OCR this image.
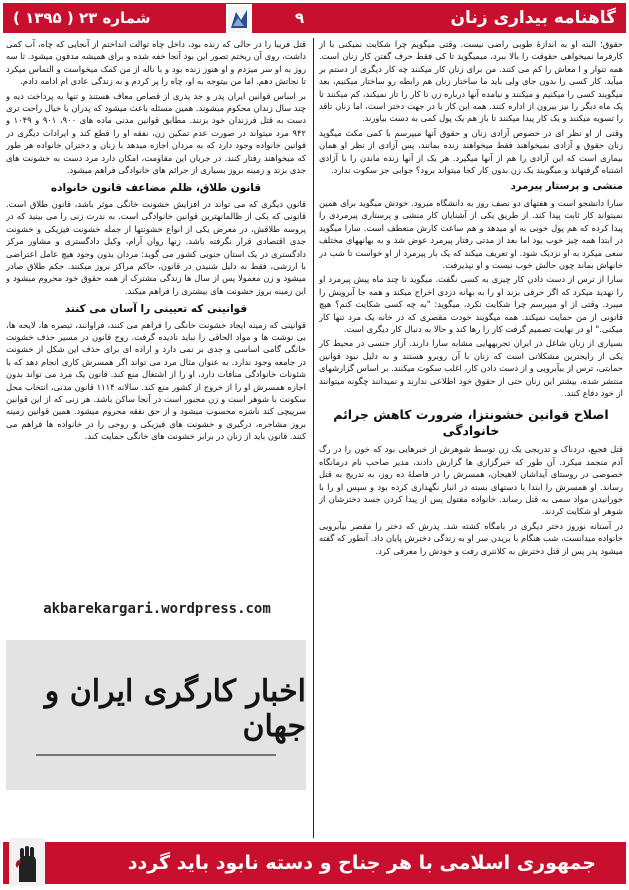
گاهنامه بیداری زنان
۹
شماره ۲۳ ( ۱۳۹۵ )

حقوق؛ البته او به اندازۀ طوبی راضی نیست. وقتی میگویم چرا شکایت نمیکنی با از کارفرما نمیخواهی حقوقت را بالا ببرد، میمیگوید تا کی فقط حرف گفتن کار زنان است. همه تنوار و ا معاش را کم می کنند. من برای زنان کار میکنند چه کار دیگری از دستم بر میآید. کار کسی را بدون جای ولی باید ما ساختار زنان هم رابطه رو ساختار میکنیم، بعد میگویند کسی را میکنیم و میکنند و نیامده آنها درباره زن تا کار را تاز نمیکند، کم میکنند تا یک ماه دیگر را نیز بیرون از اداره کنند. همه این کار با در جهت دختر است، اما زنان تاقد را تسویه میکنند و یک کار پیدا میکنند تا باز هم یک پول کمی به دست بیاورند.

وقتی از او نظر ای در خصوص آزادی زنان و حقوق آنها میپرسم با کمی مکث میگوید زنان حقوق و آزادی نمیخواهند فقط میخواهند زنده بمانند، پس آزادی از نظر او همان بیماری است که این آزادی را هم از آنها میگیرد. هر یک از آنها زنده ماندن را با آزادی اشتباه گرفتهاند و میگویند یک زن بدون کار کجا میتواند برود؟ جوابی جز سکوت ندارد.

منشی و پرستار پیرمرد

سارا دانشجو است و هفتهای دو نصف روز به دانشگاه میرود. خودش میگوید برای همین نمیتواند کار ثابت پیدا کند. از طریق یکی از آشنایان کار منشی و پرستاری پیرمردی را پیدا کرده که هم پول خوبی به او میدهد و هم ساعت کارش منعطف است. سارا میگوید در ابتدا همه چیز خوب بود اما بعد از مدتی رفتار پیرمرد عوض شد و به بهانههای مختلف سعی میکرد به او نزدیک شود. او تعریف میکند که یک بار پیرمرد از او خواست تا شب در خانهاش بماند چون حالش خوب نیست و او نپذیرفت.

سارا از ترس از دست دادن کار چیزی به کسی نگفت. میگوید تا چند ماه پیش پیرمرد او را تهدید میکرد که اگر حرفی بزند او را به بهانه دزدی اخراج میکند و همه جا آبرویش را میبرد. وقتی از او میپرسم چرا شکایت نکرد، میگوید: "به چه کسی شکایت کنم؟ هیچ قانونی از من حمایت نمیکند. همه میگویند خودت مقصری که در خانه یک مرد تنها کار میکنی." او در نهایت تصمیم گرفت کار را رها کند و حالا به دنبال کار دیگری است.

بسیاری از زنان شاغل در ایران تجربههایی مشابه سارا دارند. آزار جنسی در محیط کار یکی از رایجترین مشکلاتی است که زنان با آن روبرو هستند و به دلیل نبود قوانین حمایتی، ترس از بیآبرویی و از دست دادن کار، اغلب سکوت میکنند. بر اساس گزارشهای منتشر شده، بیشتر این زنان حتی از حقوق خود اطلاعی ندارند و نمیدانند چگونه میتوانند از خود دفاع کنند.

اصلاح قوانین خشونتزا، ضرورت کاهش جرائم خانوادگی

قتل فجیع، دردناک و تدریجی یک زن توسط شوهرش از خبرهایی بود که خون را در رگ آدم منجمد میکرد. آن طور که خبرگزاری ها گزارش دادند، مدیر صاحب نام درمانگاه خصوصی در روستای آیداشان لاهیجان، همسرش را در فاصلهٔ ده روز، به تدریج به قتل رساند. او همسرش را ابتدا با دستهای بسته در انبار نگهداری کرده بود و سپس او را با خورانیدن مواد سمی به قتل رساند. خانواده مقتول پس از پیدا کردن جسد دخترشان از شوهر او شکایت کردند.

در آستانه نوروز دختر دیگری در بامگاه کشته شد. پدرش که دختر را مقصر بیآبرویی خانواده میدانست، شب هنگام با بریدن سر او به زندگی دخترش پایان داد. آنطور که گفته میشود پدر پس از قتل دخترش به کلانتری رفت و خودش را معرفی کرد.

قتل فریبا را در حالی که زنده بود، داخل چاه توالت انداختم از آنجایی که چاه، آب کمی داشت، روی آن ریختم تصور این بود آنجا خفه شده و برای همیشه مدفون میشود. تا سه روز به او سر میزدم و او هنوز زنده بود و با ناله از من کمک میخواست و التماس میکرد تا نجاتش دهم. اما من بیتوجه به او، چاه را پر کردم و به زندگی عادی ام ادامه دادم.

بر اساس قوانین ایران پدر و جد پدری از قصاص معاف هستند و تنها به پرداخت دیه و چند سال زندان محکوم میشوند. همین مسئله باعث میشود که پدران با خیال راحت تری دست به قتل فرزندان خود بزنند. مطابق قوانین مدنی ماده های ۹۰۰، ۹۰۱ و ۱۰۴۹ و ۹۴۲ مرد میتواند در صورت عدم تمکین زن، نفقه او را قطع کند و ایرادات دیگری در قوانین خانواده وجود دارد که به مردان اجازه میدهد با زنان و دختران خانواده هر طور که میخواهند رفتار کنند. در جریان این مقاومت، امکان دارد مرد دست به خشونت های جدی بزند و زمینه بروز بسیاری از جرائم های خانوادگی فراهم میشود.

قانون طلاق، ظلم مضاعف قانون خانواده

قانون دیگری که می تواند در افزایش خشونت خانگی موثر باشد، قانون طلاق است. قانونی که یکی از ظالمانهترین قوانین خانوادگی است. به ندرت زنی را می بینید که در پروسه طلاقش، در معرض یکی از انواع خشونتها از جمله خشونت فیزیکی و خشونت جدی اقتصادی قرار نگرفته باشد. زنها روان آرام، وکیل دادگستری و مشاور مرکز دادگستری در یک استان جنوبی کشور می گوید: مردان بدون وجود هیچ عامل اعتراضی با ارزشی، فقط به دلیل شنیدن در قانون، حاکم مراکز بروز میکنند. حکم طلاق صادر میشود و زن معمولا پس از سال ها زندگی مشترک از همه حقوق خود محروم میشود و این زمینه بروز خشونت های بیشتری را فراهم میکند.

قوانینی که تعیینی را آسان می کنند

قوانینی که زمینه ایجاد خشونت خانگی را فراهم می کنند، فراوانند، تبصره ها، لایحه ها، بی نوشت ها و مواد الحاقی را نباید نادیده گرفت. روح قانون در مسیر حذف خشونت خانگی گامی اساسی و جدی بر نمی دارد و اراده ای برای حذف این شکل از خشونت در جامعه وجود ندارد. به عنوان مثال مرد می تواند اگر همسرش کاری انجام دهد که با شئونات خانوادگی منافات دارد، او را از اشتغال منع کند. قانون یک مرد می تواند بدون اجازه همسرش او را از خروج از کشور منع کند. سالانه ۱۱۱۴ قانون مدنی، انتخاب محل سکونت با شوهر است و زن مجبور است در آنجا ساکن باشد. هر زنی که از این قوانین سرپیچی کند ناشزه محسوب میشود و از حق نفقه محروم میشود. همین قوانین زمینه بروز مشاجره، درگیری و خشونت های فیزیکی و روحی را در خانواده ها فراهم می کنند. قانون باید از زنان در برابر خشونت های خانگی حمایت کند.

akbarekargari.wordpress.com
اخبار کارگری ایران و جهان
جمهوری اسلامی با هر جناح و دسته نابود باید گردد
